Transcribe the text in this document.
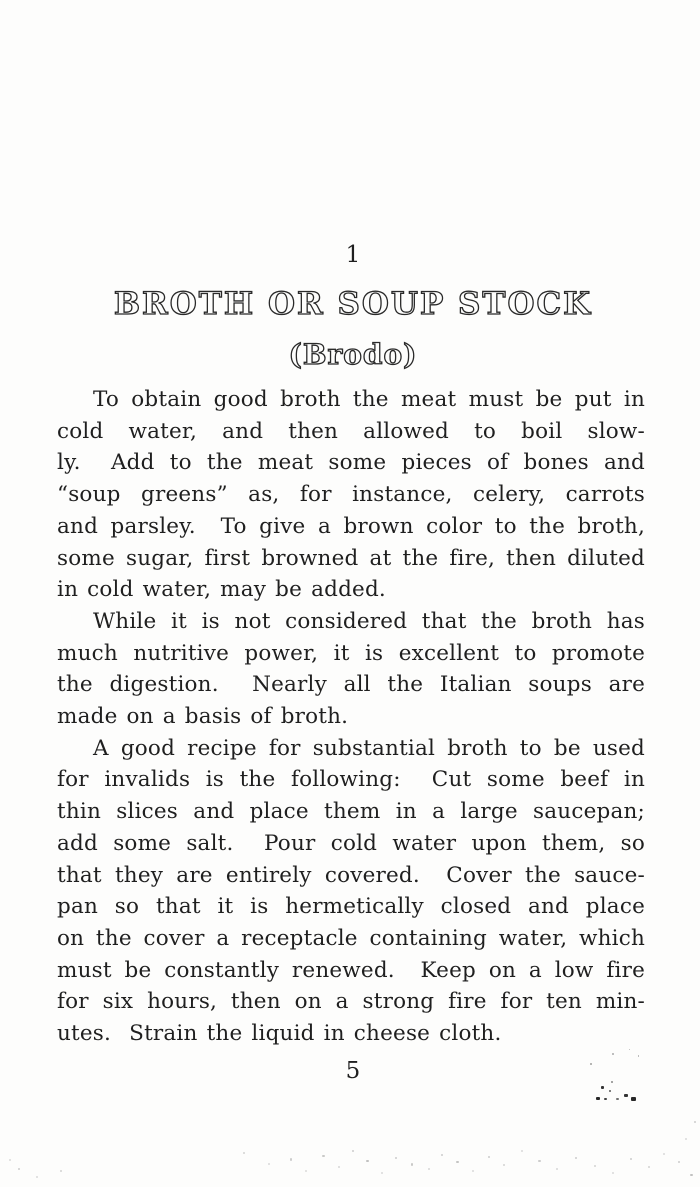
1
BROTH OR SOUP STOCK
(Brodo)
To obtain good broth the meat must be put in
cold water, and then allowed to boil slow-
ly.  Add to the meat some pieces of bones and
“soup greens” as, for instance, celery, carrots
and parsley.  To give a brown color to the broth,
some sugar, first browned at the fire, then diluted
in cold water, may be added.
While it is not considered that the broth has
much nutritive power, it is excellent to promote
the digestion.  Nearly all the Italian soups are
made on a basis of broth.
A good recipe for substantial broth to be used
for invalids is the following:  Cut some beef in
thin slices and place them in a large saucepan;
add some salt.  Pour cold water upon them, so
that they are entirely covered.  Cover the sauce-
pan so that it is hermetically closed and place
on the cover a receptacle containing water, which
must be constantly renewed.  Keep on a low fire
for six hours, then on a strong fire for ten min-
utes.  Strain the liquid in cheese cloth.
5
